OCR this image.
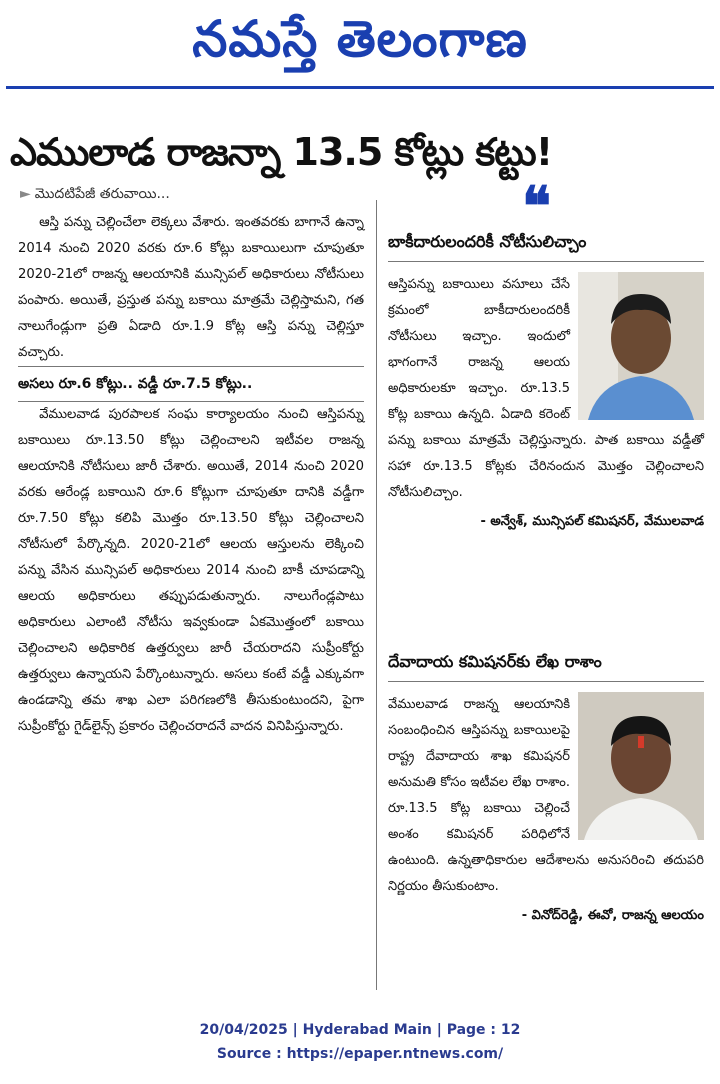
నమస్తే తెలంగాణ
ఎములాడ రాజన్నా 13.5 కోట్లు కట్టు!
► మొదటిపేజీ తరువాయి...

ఆస్తి పన్ను చెల్లించేలా లెక్కలు వేశారు. ఇంతవరకు బాగానే ఉన్నా 2014 నుంచి 2020 వరకు రూ.6 కోట్లు బకాయిలుగా చూపుతూ 2020-21లో రాజన్న ఆలయానికి మున్సిపల్ అధికారులు నోటీసులు పంపారు. అయితే, ప్రస్తుత పన్ను బకాయి మాత్రమే చెల్లిస్తామని, గత నాలుగేండ్లుగా ప్రతి ఏడాది రూ.1.9 కోట్ల ఆస్తి పన్ను చెల్లిస్తూ వచ్చారు.

అసలు రూ.6 కోట్లు.. వడ్డీ రూ.7.5 కోట్లు..

వేములవాడ పురపాలక సంఘ కార్యాలయం నుంచి ఆస్తిపన్ను బకాయిలు రూ.13.50 కోట్లు చెల్లించాలని ఇటీవల రాజన్న ఆలయానికి నోటీసులు జారీ చేశారు. అయితే, 2014 నుంచి 2020 వరకు ఆరేండ్ల బకాయిని రూ.6 కోట్లుగా చూపుతూ దానికి వడ్డీగా రూ.7.50 కోట్లు కలిపి మొత్తం రూ.13.50 కోట్లు చెల్లించాలని నోటీసులో పేర్కొన్నది. 2020-21లో ఆలయ ఆస్తులను లెక్కించి పన్ను వేసిన మున్సిపల్ అధికారులు 2014 నుంచి బాకీ చూపడాన్ని ఆలయ అధికారులు తప్పుపడుతున్నారు. నాలుగేండ్లపాటు అధికారులు ఎలాంటి నోటీసు ఇవ్వకుండా ఏకమొత్తంలో బకాయి చెల్లించాలని అధికారిక ఉత్తర్వులు జారీ చేయరాదని సుప్రీంకోర్టు ఉత్తర్వులు ఉన్నాయని పేర్కొంటున్నారు. అసలు కంటే వడ్డీ ఎక్కువగా ఉండడాన్ని తమ శాఖ ఎలా పరిగణలోకి తీసుకుంటుందని, పైగా సుప్రీంకోర్టు గైడ్‌లైన్స్ ప్రకారం చెల్లించరాదనే వాదన వినిపిస్తున్నారు.

❝
బాకీదారులందరికీ నోటీసులిచ్చాం
ఆస్తిపన్ను బకాయిలు వసూలు చేసే క్రమంలో బాకీదారులందరికీ నోటీసులు ఇచ్చాం. ఇందులో భాగంగానే రాజన్న ఆలయ అధికారులకూ ఇచ్చాం. రూ.13.5 కోట్ల బకాయి ఉన్నది. ఏడాది కరెంట్ పన్ను బకాయి మాత్రమే చెల్లిస్తున్నారు. పాత బకాయి వడ్డీతో సహా రూ.13.5 కోట్లకు చేరినందున మొత్తం చెల్లించాలని నోటీసులిచ్చాం.
- అన్వేశ్, మున్సిపల్ కమిషనర్, వేములవాడ
దేవాదాయ కమిషనర్‌కు లేఖ రాశాం
వేములవాడ రాజన్న ఆలయానికి సంబంధించిన ఆస్తిపన్ను బకాయిలపై రాష్ట్ర దేవాదాయ శాఖ కమిషనర్ అనుమతి కోసం ఇటీవల లేఖ రాశాం. రూ.13.5 కోట్ల బకాయి చెల్లించే అంశం కమిషనర్ పరిధిలోనే ఉంటుంది. ఉన్నతాధికారుల ఆదేశాలను అనుసరించి తదుపరి నిర్ణయం తీసుకుంటాం.
- వినోద్‌రెడ్డి, ఈవో, రాజన్న ఆలయం
20/04/2025 | Hyderabad Main | Page : 12
Source : https://epaper.ntnews.com/
